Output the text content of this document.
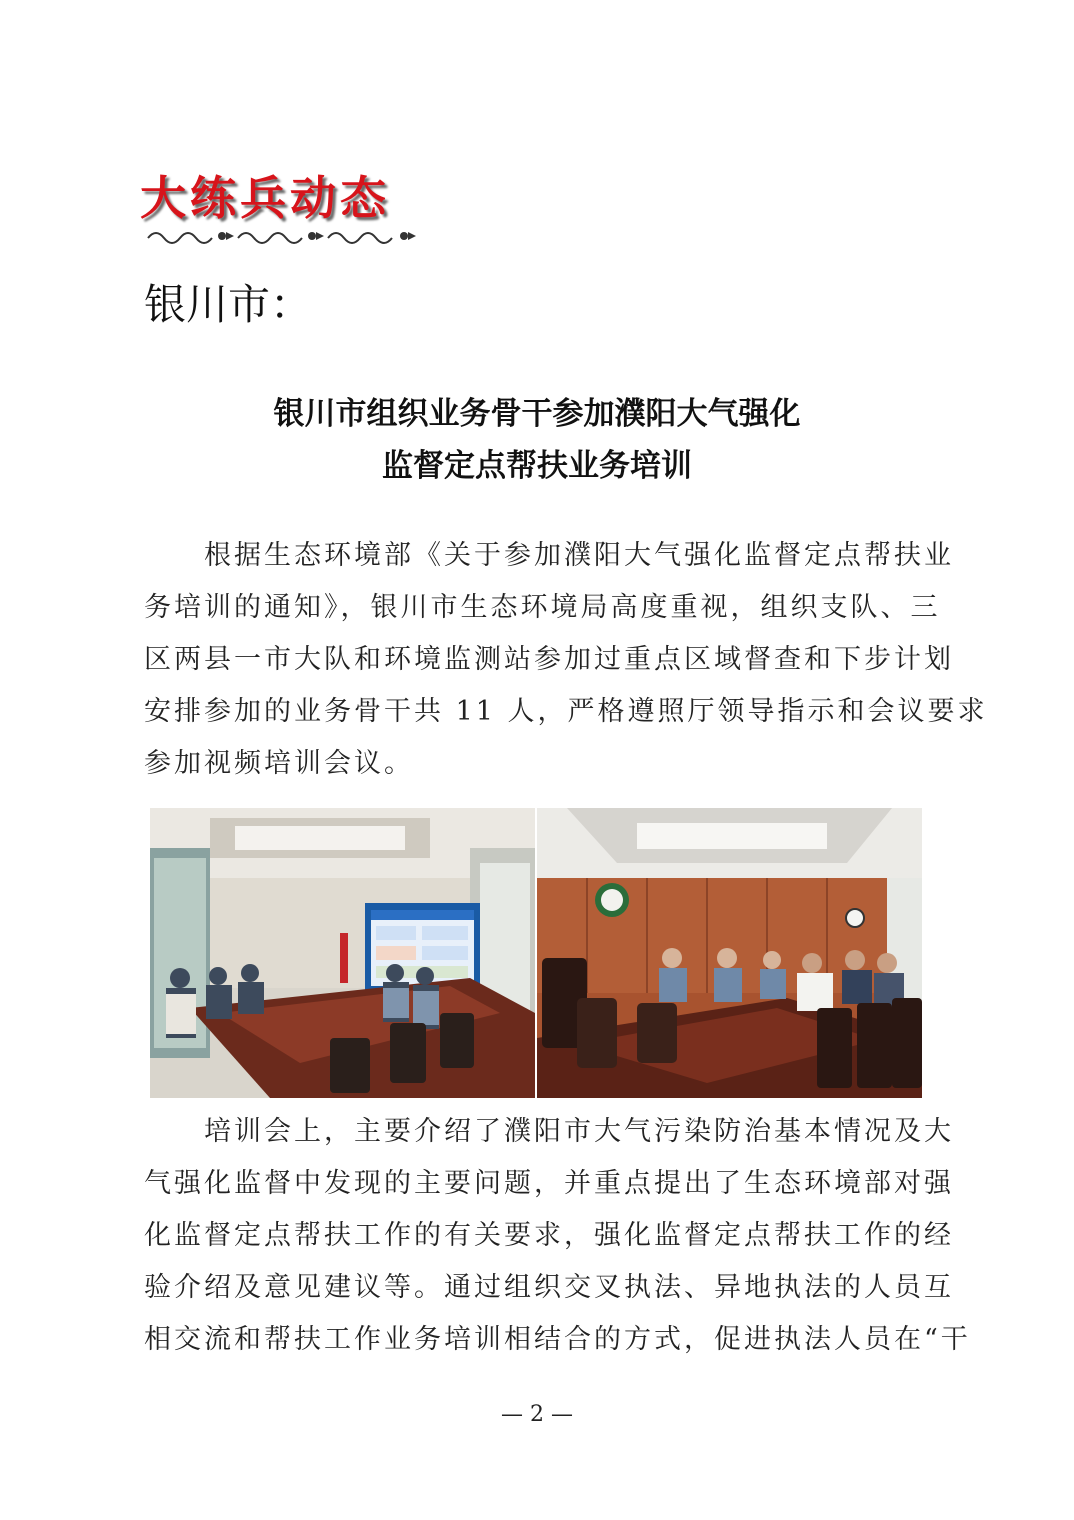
大练兵动态
银川市：
银川市组织业务骨干参加濮阳大气强化
监督定点帮扶业务培训
　　根据生态环境部《关于参加濮阳大气强化监督定点帮扶业
务培训的通知》，银川市生态环境局高度重视，组织支队、三
区两县一市大队和环境监测站参加过重点区域督查和下步计划
安排参加的业务骨干共 11 人，严格遵照厅领导指示和会议要求
参加视频培训会议。
　　培训会上，主要介绍了濮阳市大气污染防治基本情况及大
气强化监督中发现的主要问题，并重点提出了生态环境部对强
化监督定点帮扶工作的有关要求，强化监督定点帮扶工作的经
验介绍及意见建议等。通过组织交叉执法、异地执法的人员互
相交流和帮扶工作业务培训相结合的方式，促进执法人员在“干
— 2 —
